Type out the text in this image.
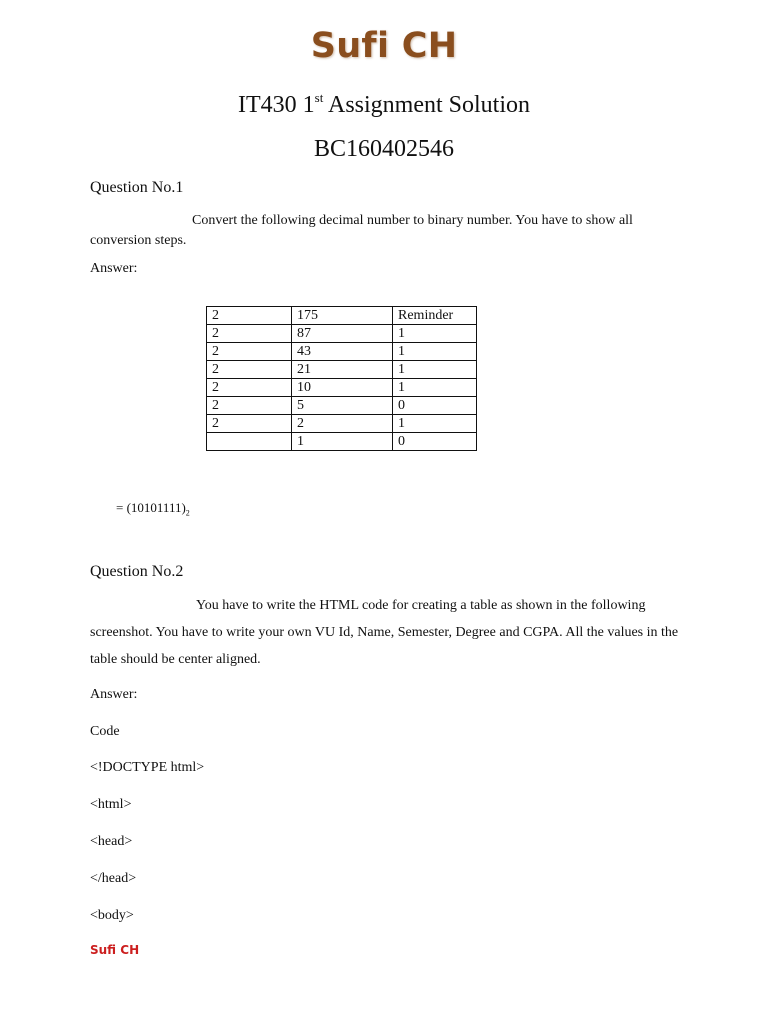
Sufi CH
IT430 1st Assignment Solution
BC160402546
Question No.1
Convert the following decimal number to binary number. You have to show all conversion steps.
Answer:
2	175	Reminder
2	87	1
2	43	1
2	21	1
2	10	1
2	5	0
2	2	1
	1	0
= $(10101111)_2$
Question No.2
You have to write the HTML code for creating a table as shown in the following screenshot. You have to write your own VU Id, Name, Semester, Degree and CGPA. All the values in the table should be center aligned.
Answer:
Code
<!DOCTYPE html>
<html>
<head>
</head>
<body>
Sufi CH
